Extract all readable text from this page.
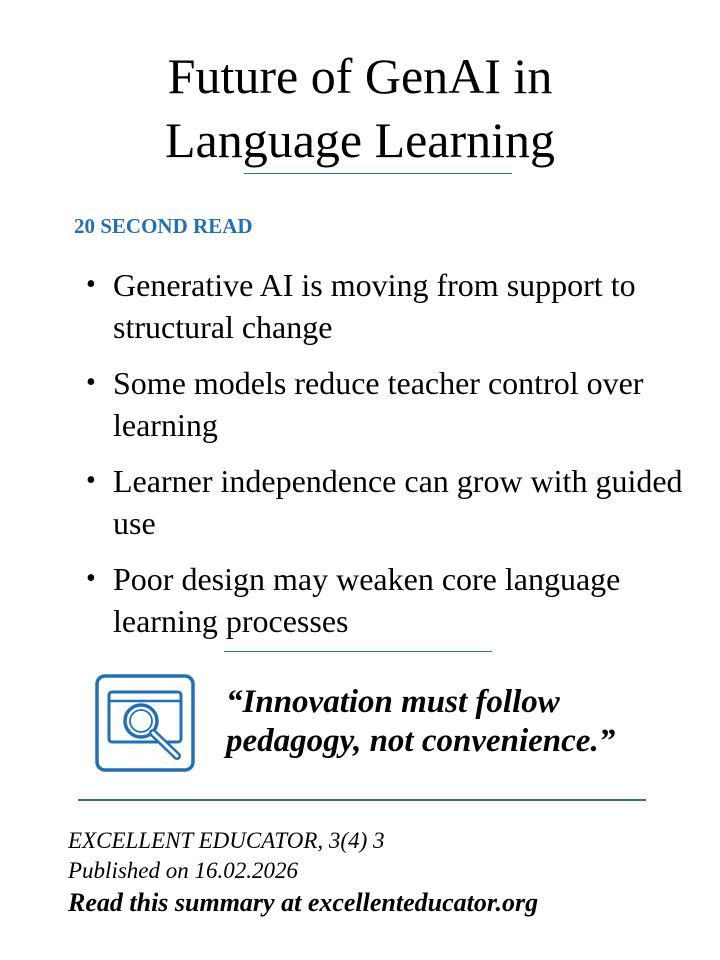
Future of GenAI in
Language Learning
20 SECOND READ
• Generative AI is moving from support to structural change
• Some models reduce teacher control over learning
• Learner independence can grow with guided use
• Poor design may weaken core language learning processes
“Innovation must follow
pedagogy, not convenience.”
EXCELLENT EDUCATOR, 3(4) 3
Published on 16.02.2026
Read this summary at excellenteducator.org
